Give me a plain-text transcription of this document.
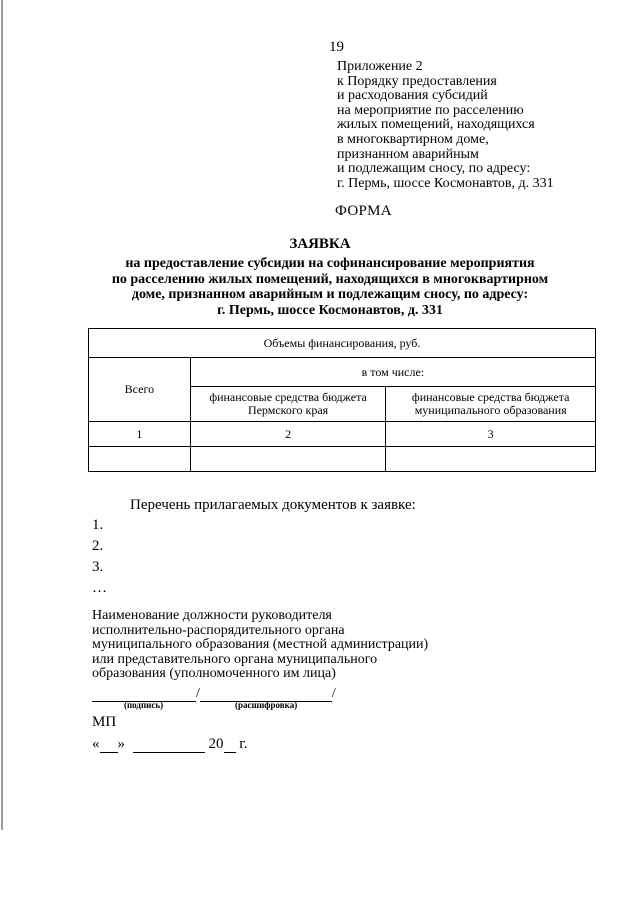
19
Приложение 2
к Порядку предоставления
и расходования субсидий
на мероприятие по расселению
жилых помещений, находящихся
в многоквартирном доме,
признанном аварийным
и подлежащим сносу, по адресу:
г. Пермь, шоссе Космонавтов, д. 331
ФОРМА
ЗАЯВКА
на предоставление субсидии на софинансирование мероприятия
по расселению жилых помещений, находящихся в многоквартирном
доме, признанном аварийным и подлежащим сносу, по адресу:
г. Пермь, шоссе Космонавтов, д. 331
Объемы финансирования, руб.		
Всего	в том числе:	
	финансовые средства бюджета Пермского края	финансовые средства бюджета муниципального образования
1	2	3

Перечень прилагаемых документов к заявке:
1.
2.
3.
…
Наименование должности руководителя
исполнительно-распорядительного органа
муниципального образования (местной администрации)
или представительного органа муниципального
образования (уполномоченного им лица)
/	/
(подпись)	(расшифровка)
МП
« »	20 г.
